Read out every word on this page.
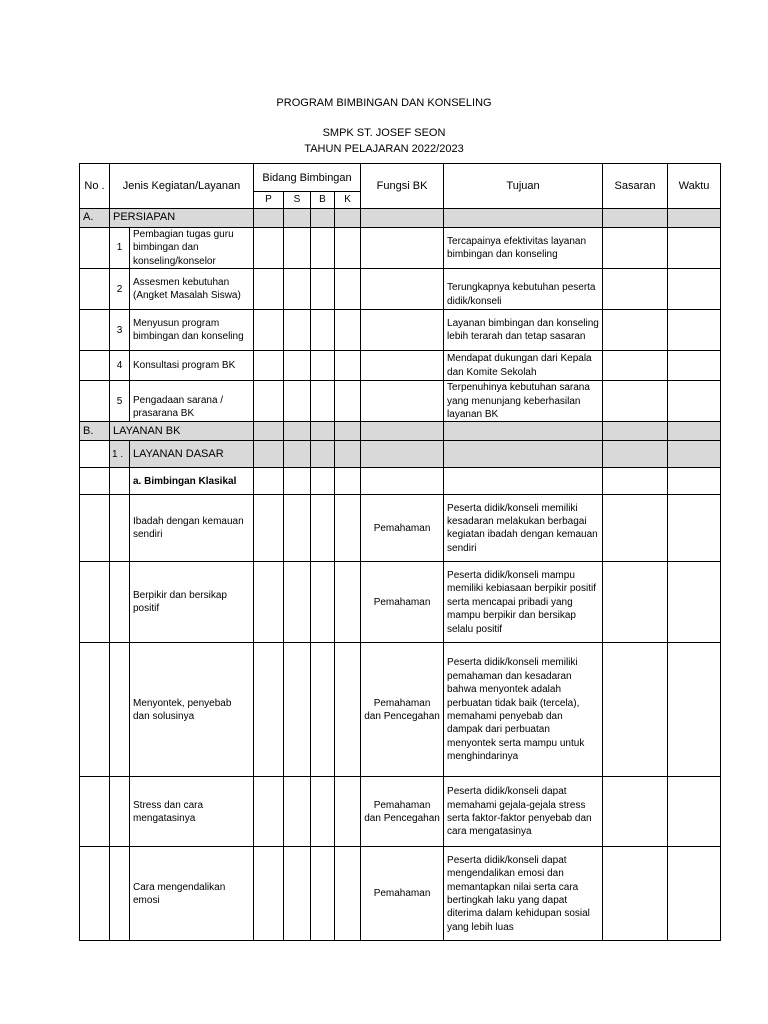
PROGRAM BIMBINGAN DAN KONSELING
SMPK ST. JOSEF SEON
TAHUN PELAJARAN 2022/2023
No .	Jenis Kegiatan/Layanan		Bidang Bimbingan				Fungsi BK	Tujuan	Sasaran	Waktu
			P	S	B	K				
A.	PERSIAPAN									
	1	Pembagian tugas guru bimbingan dan konseling/konselor						Tercapainya efektivitas layanan bimbingan dan konseling		
	2	Assesmen kebutuhan (Angket Masalah Siswa)						Terungkapnya kebutuhan peserta didik/konseli		
	3	Menyusun program bimbingan dan konseling						Layanan bimbingan dan konseling lebih terarah dan tetap sasaran		
	4	Konsultasi program BK						Mendapat dukungan dari Kepala dan Komite Sekolah		
	5	Pengadaan sarana / prasarana BK						Terpenuhinya kebutuhan sarana yang menunjang keberhasilan layanan BK		
B.	LAYANAN BK									
	1 .	LAYANAN DASAR								
		a. Bimbingan Klasikal								
		Ibadah dengan kemauan sendiri					Pemahaman	Peserta didik/konseli memiliki kesadaran melakukan berbagai kegiatan ibadah dengan kemauan sendiri		
		Berpikir dan bersikap positif					Pemahaman	Peserta didik/konseli mampu memiliki kebiasaan berpikir positif serta mencapai pribadi yang mampu berpikir dan bersikap selalu positif		
		Menyontek, penyebab dan solusinya					Pemahaman dan Pencegahan	Peserta didik/konseli memiliki pemahaman dan kesadaran bahwa menyontek adalah perbuatan tidak baik (tercela), memahami penyebab dan dampak dari perbuatan menyontek serta mampu untuk menghindarinya		
		Stress dan cara mengatasinya					Pemahaman dan Pencegahan	Peserta didik/konseli dapat memahami gejala-gejala stress serta faktor-faktor penyebab dan cara mengatasinya		
		Cara mengendalikan emosi					Pemahaman	Peserta didik/konseli dapat mengendalikan emosi dan memantapkan nilai serta cara bertingkah laku yang dapat diterima dalam kehidupan sosial yang lebih luas		
